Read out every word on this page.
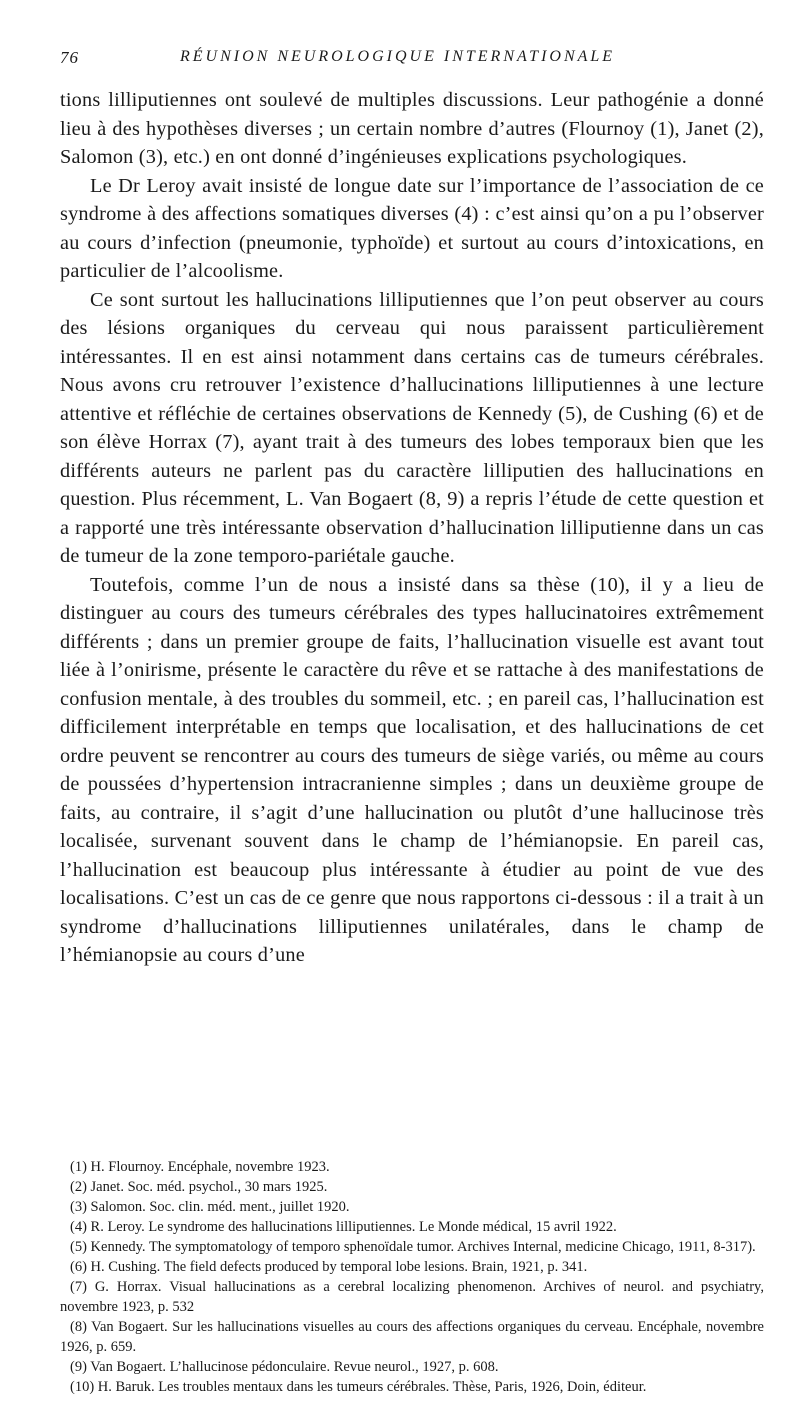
76	RÉUNION NEUROLOGIQUE INTERNATIONALE

tions lilliputiennes ont soulevé de multiples discussions. Leur pathogénie a donné lieu à des hypothèses diverses ; un certain nombre d’autres (Flournoy (1), Janet (2), Salomon (3), etc.) en ont donné d’ingénieuses explications psychologiques.

Le Dr Leroy avait insisté de longue date sur l’importance de l’association de ce syndrome à des affections somatiques diverses (4) : c’est ainsi qu’on a pu l’observer au cours d’infection (pneumonie, typhoïde) et surtout au cours d’intoxications, en particulier de l’alcoolisme.

Ce sont surtout les hallucinations lilliputiennes que l’on peut observer au cours des lésions organiques du cerveau qui nous paraissent particulièrement intéressantes. Il en est ainsi notamment dans certains cas de tumeurs cérébrales. Nous avons cru retrouver l’existence d’hallucinations lilliputiennes à une lecture attentive et réfléchie de certaines observations de Kennedy (5), de Cushing (6) et de son élève Horrax (7), ayant trait à des tumeurs des lobes temporaux bien que les différents auteurs ne parlent pas du caractère lilliputien des hallucinations en question. Plus récemment, L. Van Bogaert (8, 9) a repris l’étude de cette question et a rapporté une très intéressante observation d’hallucination lilliputienne dans un cas de tumeur de la zone temporo-pariétale gauche.

Toutefois, comme l’un de nous a insisté dans sa thèse (10), il y a lieu de distinguer au cours des tumeurs cérébrales des types hallucinatoires extrêmement différents ; dans un premier groupe de faits, l’hallucination visuelle est avant tout liée à l’onirisme, présente le caractère du rêve et se rattache à des manifestations de confusion mentale, à des troubles du sommeil, etc. ; en pareil cas, l’hallucination est difficilement interprétable en temps que localisation, et des hallucinations de cet ordre peuvent se rencontrer au cours des tumeurs de siège variés, ou même au cours de poussées d’hypertension intracranienne simples ; dans un deuxième groupe de faits, au contraire, il s’agit d’une hallucination ou plutôt d’une hallucinose très localisée, survenant souvent dans le champ de l’hémianopsie. En pareil cas, l’hallucination est beaucoup plus intéressante à étudier au point de vue des localisations. C’est un cas de ce genre que nous rapportons ci-dessous : il a trait à un syndrome d’hallucinations lilliputiennes unilatérales, dans le champ de l’hémianopsie au cours d’une

(1) H. Flournoy. Encéphale, novembre 1923.
(2) Janet. Soc. méd. psychol., 30 mars 1925.
(3) Salomon. Soc. clin. méd. ment., juillet 1920.
(4) R. Leroy. Le syndrome des hallucinations lilliputiennes. Le Monde médical, 15 avril 1922.
(5) Kennedy. The symptomatology of temporo sphenoïdale tumor. Archives Internal, medicine Chicago, 1911, 8-317).
(6) H. Cushing. The field defects produced by temporal lobe lesions. Brain, 1921, p. 341.
(7) G. Horrax. Visual hallucinations as a cerebral localizing phenomenon. Archives of neurol. and psychiatry, novembre 1923, p. 532
(8) Van Bogaert. Sur les hallucinations visuelles au cours des affections organiques du cerveau. Encéphale, novembre 1926, p. 659.
(9) Van Bogaert. L’hallucinose pédonculaire. Revue neurol., 1927, p. 608.
(10) H. Baruk. Les troubles mentaux dans les tumeurs cérébrales. Thèse, Paris, 1926, Doin, éditeur.
